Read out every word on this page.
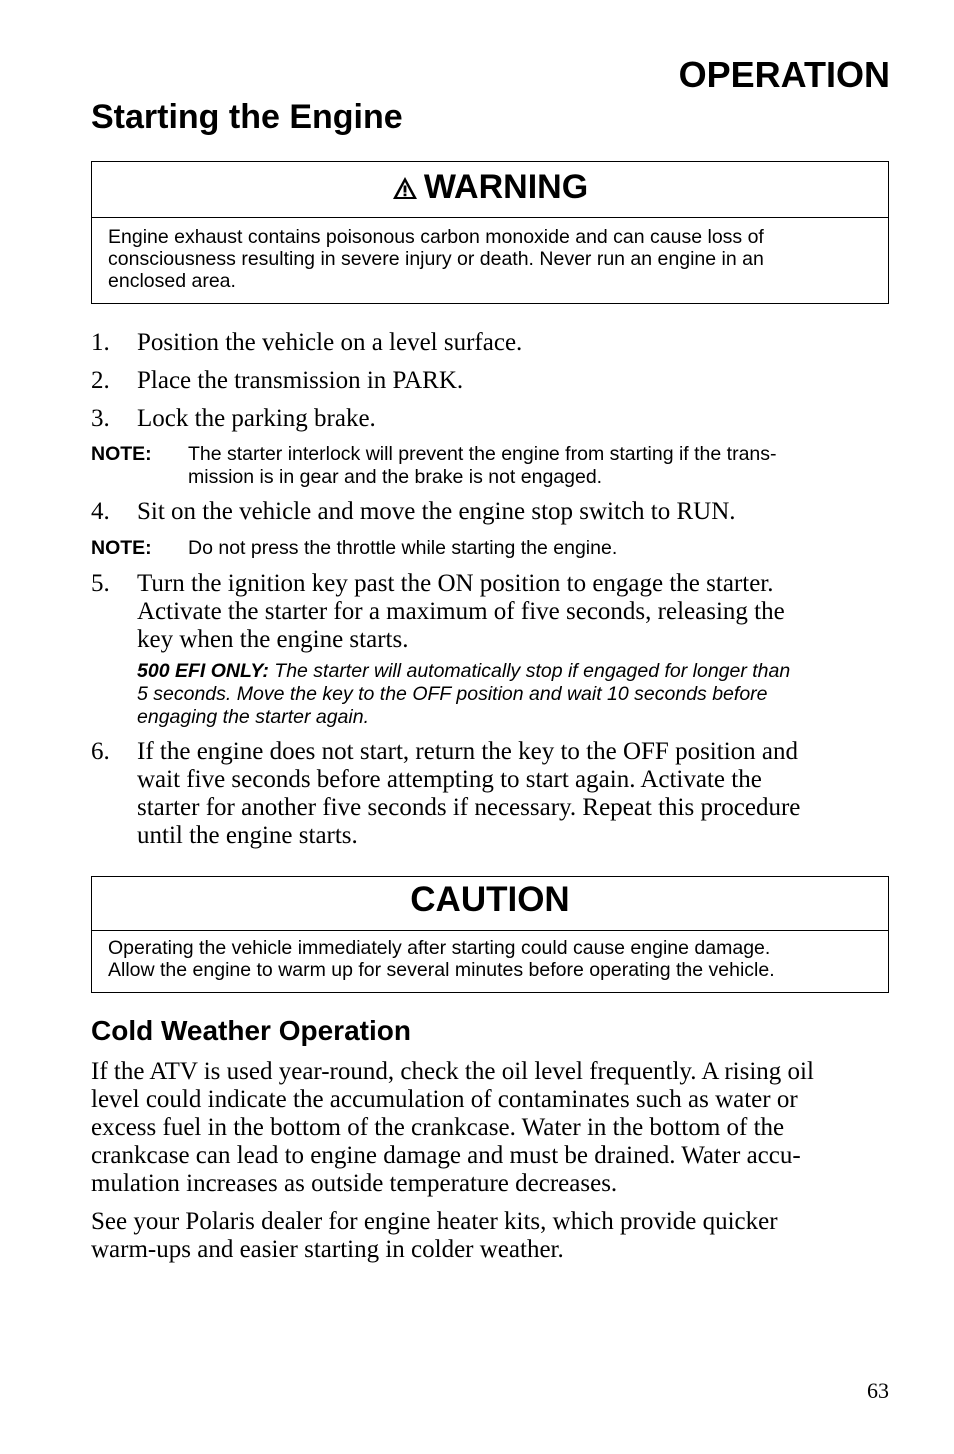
OPERATION
Starting the Engine
WARNING
Engine exhaust contains poisonous carbon monoxide and can cause loss of
consciousness resulting in severe injury or death. Never run an engine in an
enclosed area.
1. Position the vehicle on a level surface.
2. Place the transmission in PARK.
3. Lock the parking brake.
NOTE: The starter interlock will prevent the engine from starting if the trans-
mission is in gear and the brake is not engaged.
4. Sit on the vehicle and move the engine stop switch to RUN.
NOTE: Do not press the throttle while starting the engine.
5. Turn the ignition key past the ON position to engage the starter.
Activate the starter for a maximum of five seconds, releasing the
key when the engine starts.
500 EFI ONLY: The starter will automatically stop if engaged for longer than
5 seconds. Move the key to the OFF position and wait 10 seconds before
engaging the starter again.
6. If the engine does not start, return the key to the OFF position and
wait five seconds before attempting to start again. Activate the
starter for another five seconds if necessary. Repeat this procedure
until the engine starts.
CAUTION
Operating the vehicle immediately after starting could cause engine damage.
Allow the engine to warm up for several minutes before operating the vehicle.
Cold Weather Operation
If the ATV is used year-round, check the oil level frequently. A rising oil
level could indicate the accumulation of contaminates such as water or
excess fuel in the bottom of the crankcase. Water in the bottom of the
crankcase can lead to engine damage and must be drained. Water accu-
mulation increases as outside temperature decreases.
See your Polaris dealer for engine heater kits, which provide quicker
warm-ups and easier starting in colder weather.
63
